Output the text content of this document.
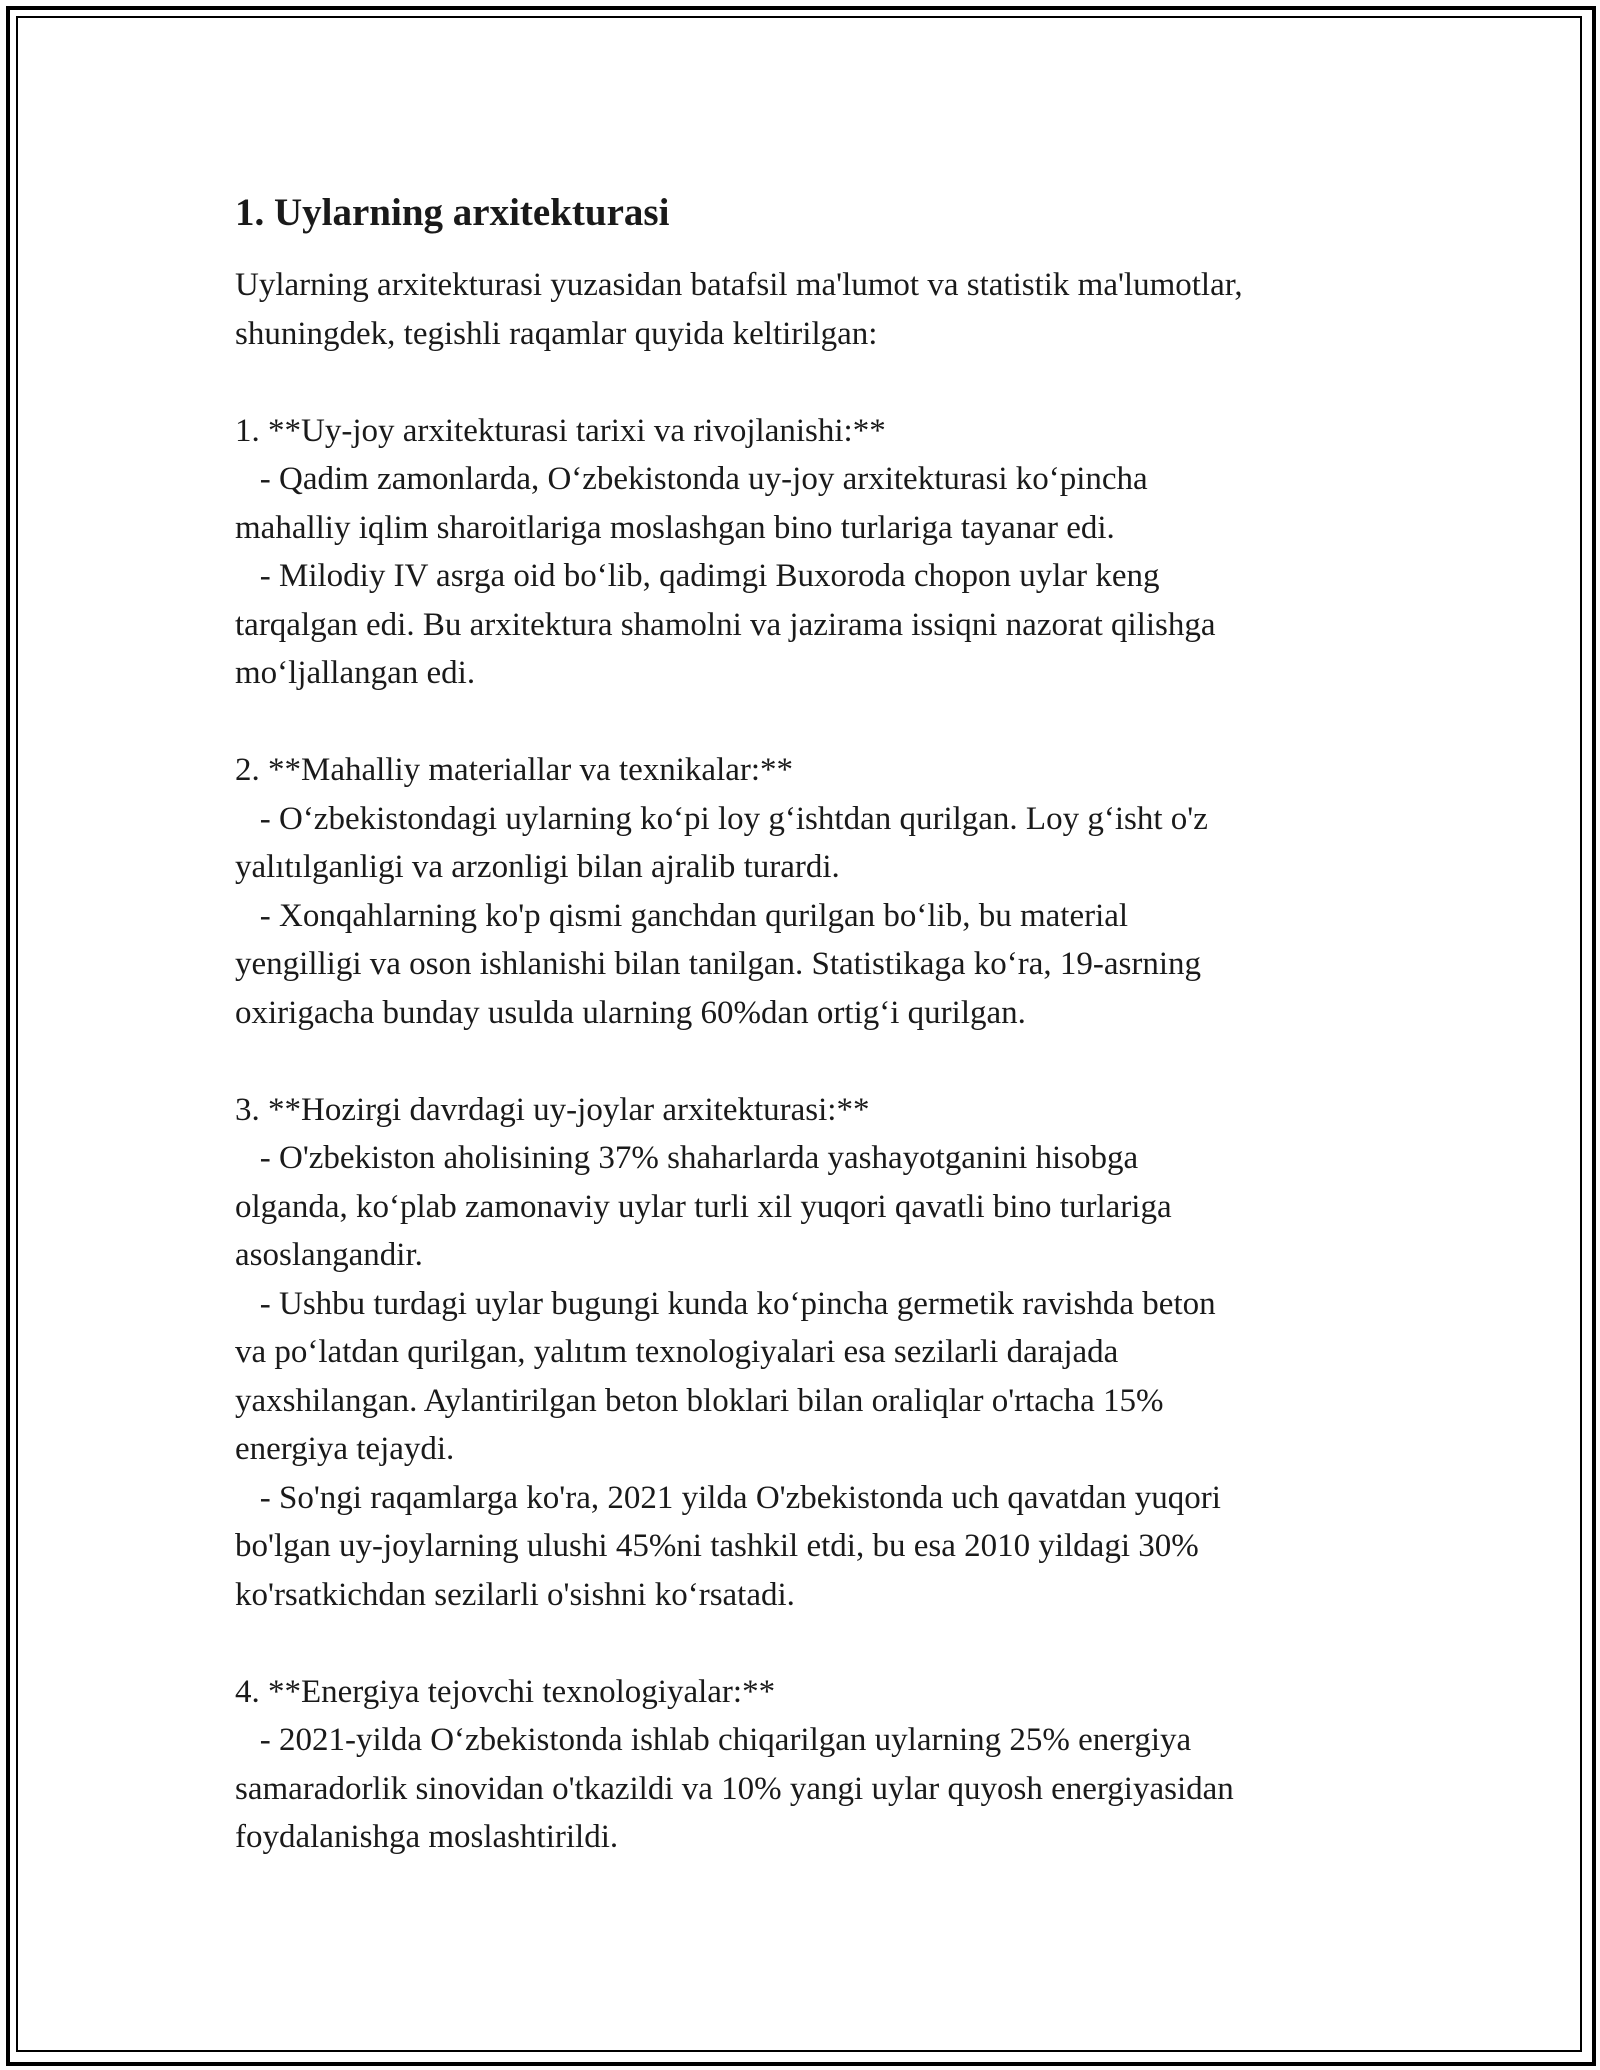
1. Uylarning arxitekturasi

Uylarning arxitekturasi yuzasidan batafsil ma'lumot va statistik ma'lumotlar,
shuningdek, tegishli raqamlar quyida keltirilgan:

1. **Uy-joy arxitekturasi tarixi va rivojlanishi:**
- Qadim zamonlarda, O‘zbekistonda uy-joy arxitekturasi ko‘pincha
mahalliy iqlim sharoitlariga moslashgan bino turlariga tayanar edi.
- Milodiy IV asrga oid bo‘lib, qadimgi Buxoroda chopon uylar keng
tarqalgan edi. Bu arxitektura shamolni va jazirama issiqni nazorat qilishga
mo‘ljallangan edi.

2. **Mahalliy materiallar va texnikalar:**
- O‘zbekistondagi uylarning ko‘pi loy g‘ishtdan qurilgan. Loy g‘isht o'z
yalıtılganligi va arzonligi bilan ajralib turardi.
- Xonqahlarning ko'p qismi ganchdan qurilgan bo‘lib, bu material
yengilligi va oson ishlanishi bilan tanilgan. Statistikaga ko‘ra, 19-asrning
oxirigacha bunday usulda ularning 60%dan ortig‘i qurilgan.

3. **Hozirgi davrdagi uy-joylar arxitekturasi:**
- O'zbekiston aholisining 37% shaharlarda yashayotganini hisobga
olganda, ko‘plab zamonaviy uylar turli xil yuqori qavatli bino turlariga
asoslangandir.
- Ushbu turdagi uylar bugungi kunda ko‘pincha germetik ravishda beton
va po‘latdan qurilgan, yalıtım texnologiyalari esa sezilarli darajada
yaxshilangan. Aylantirilgan beton bloklari bilan oraliqlar o'rtacha 15%
energiya tejaydi.
- So'ngi raqamlarga ko'ra, 2021 yilda O'zbekistonda uch qavatdan yuqori
bo'lgan uy-joylarning ulushi 45%ni tashkil etdi, bu esa 2010 yildagi 30%
ko'rsatkichdan sezilarli o'sishni ko‘rsatadi.

4. **Energiya tejovchi texnologiyalar:**
- 2021-yilda O‘zbekistonda ishlab chiqarilgan uylarning 25% energiya
samaradorlik sinovidan o'tkazildi va 10% yangi uylar quyosh energiyasidan
foydalanishga moslashtirildi.
